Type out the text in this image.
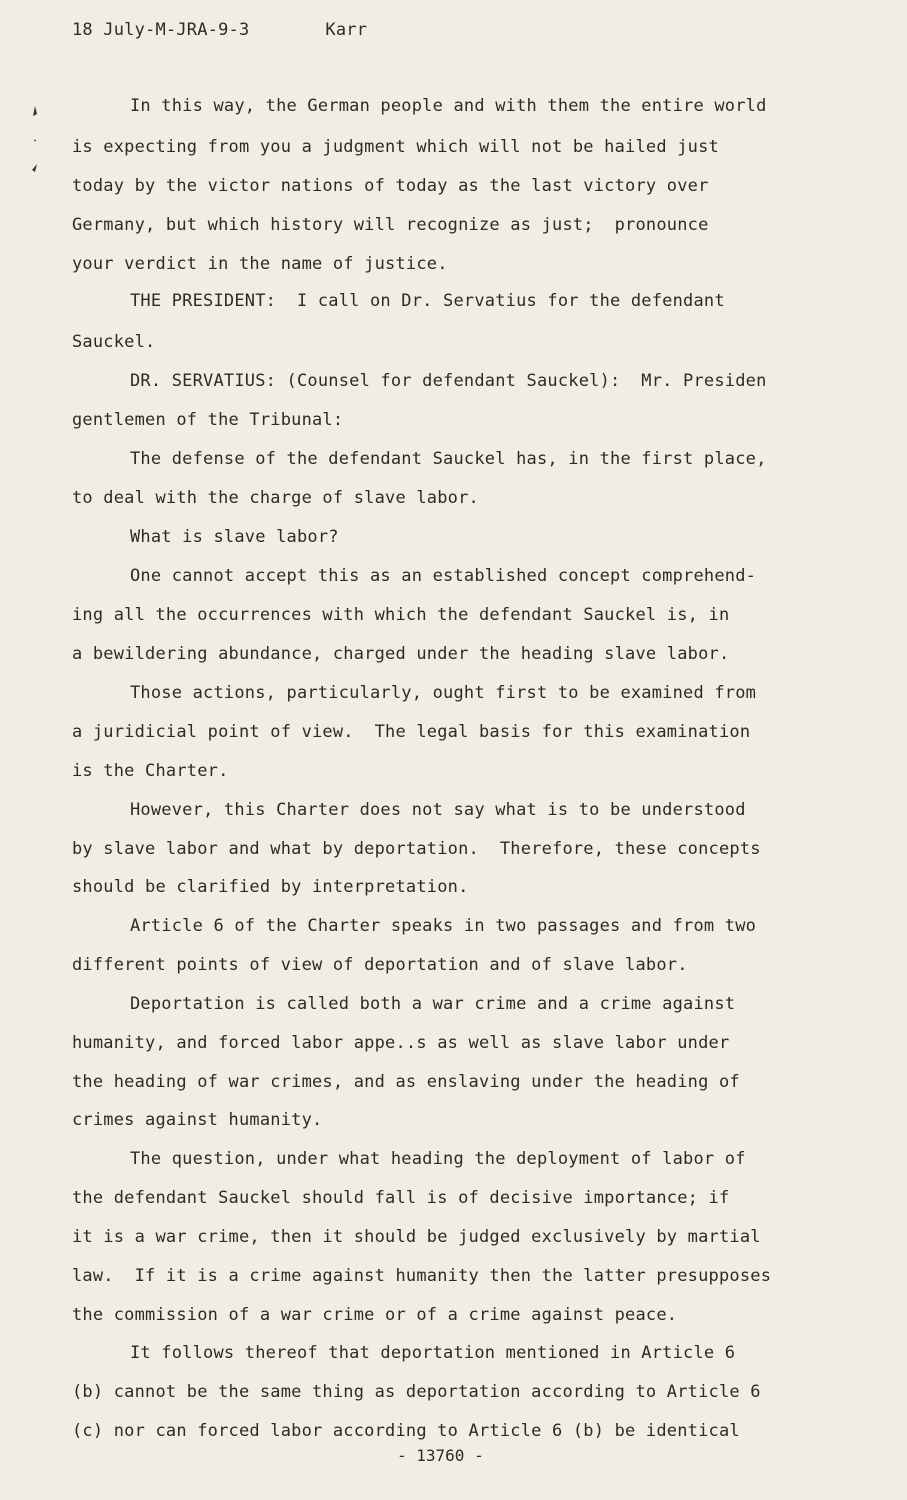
18 July-M-JRA-9-3	Karr
In this way, the German people and with them the entire world
is expecting from you a judgment which will not be hailed just
today by the victor nations of today as the last victory over
Germany, but which history will recognize as just;  pronounce
your verdict in the name of justice.
THE PRESIDENT:  I call on Dr. Servatius for the defendant
Sauckel.
DR. SERVATIUS: (Counsel for defendant Sauckel):  Mr. Presiden
gentlemen of the Tribunal:
The defense of the defendant Sauckel has, in the first place,
to deal with the charge of slave labor.
What is slave labor?
One cannot accept this as an established concept comprehend-
ing all the occurrences with which the defendant Sauckel is, in
a bewildering abundance, charged under the heading slave labor.
Those actions, particularly, ought first to be examined from
a juridicial point of view.  The legal basis for this examination
is the Charter.
However, this Charter does not say what is to be understood
by slave labor and what by deportation.  Therefore, these concepts
should be clarified by interpretation.
Article 6 of the Charter speaks in two passages and from two
different points of view of deportation and of slave labor.
Deportation is called both a war crime and a crime against
humanity, and forced labor appe..s as well as slave labor under
the heading of war crimes, and as enslaving under the heading of
crimes against humanity.
The question, under what heading the deployment of labor of
the defendant Sauckel should fall is of decisive importance; if
it is a war crime, then it should be judged exclusively by martial
law.  If it is a crime against humanity then the latter presupposes
the commission of a war crime or of a crime against peace.
It follows thereof that deportation mentioned in Article 6
(b) cannot be the same thing as deportation according to Article 6
(c) nor can forced labor according to Article 6 (b) be identical
- 13760 -
